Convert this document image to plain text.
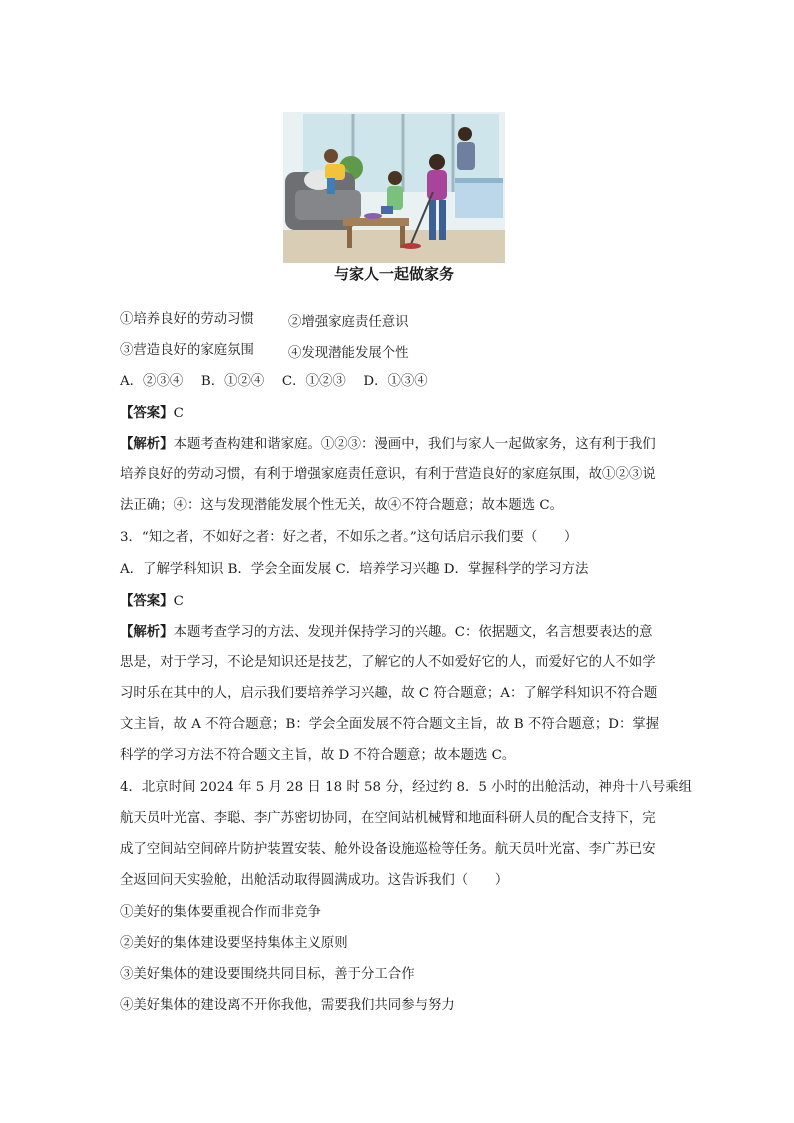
与家人一起做家务
①培养良好的劳动习惯	②增强家庭责任意识
③营造良好的家庭氛围	④发现潜能发展个性
A．②③④　 B．①②④　 C．①②③　 D．①③④
【答案】C
【解析】本题考查构建和谐家庭。①②③：漫画中，我们与家人一起做家务，这有利于我们
培养良好的劳动习惯，有利于增强家庭责任意识，有利于营造良好的家庭氛围，故①②③说
法正确；④：这与发现潜能发展个性无关，故④不符合题意；故本题选 C。
3．“知之者，不如好之者：好之者，不如乐之者。”这句话启示我们要（　　）
A．了解学科知识 B．学会全面发展 C．培养学习兴趣 D．掌握科学的学习方法
【答案】C
【解析】本题考查学习的方法、发现并保持学习的兴趣。C：依据题文，名言想要表达的意
思是，对于学习，不论是知识还是技艺，了解它的人不如爱好它的人，而爱好它的人不如学
习时乐在其中的人，启示我们要培养学习兴趣，故 C 符合题意；A：了解学科知识不符合题
文主旨，故 A 不符合题意；B：学会全面发展不符合题文主旨，故 B 不符合题意；D：掌握
科学的学习方法不符合题文主旨，故 D 不符合题意；故本题选 C。
4．北京时间 2024 年 5 月 28 日 18 时 58 分，经过约 8．5 小时的出舱活动，神舟十八号乘组
航天员叶光富、李聪、李广苏密切协同，在空间站机械臂和地面科研人员的配合支持下，完
成了空间站空间碎片防护装置安装、舱外设备设施巡检等任务。航天员叶光富、李广苏已安
全返回问天实验舱，出舱活动取得圆满成功。这告诉我们（　　）
①美好的集体要重视合作而非竞争
②美好的集体建设要坚持集体主义原则
③美好集体的建设要围绕共同目标，善于分工合作
④美好集体的建设离不开你我他，需要我们共同参与努力
